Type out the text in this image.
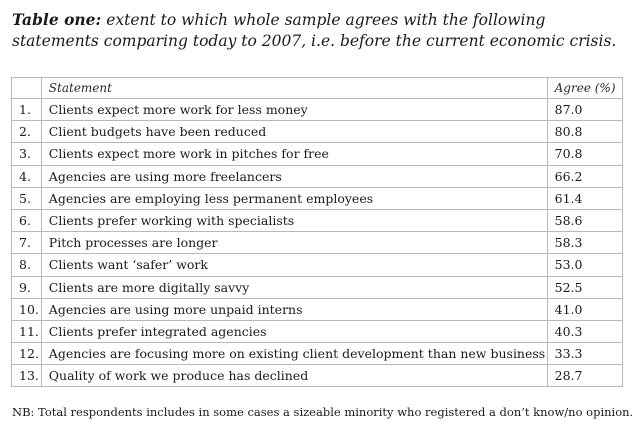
Table one: extent to which whole sample agrees with the following statements comparing today to 2007, i.e. before the current economic crisis.
	Statement	Agree (%)
1.	Clients expect more work for less money	87.0
2.	Client budgets have been reduced	80.8
3.	Clients expect more work in pitches for free	70.8
4.	Agencies are using more freelancers	66.2
5.	Agencies are employing less permanent employees	61.4
6.	Clients prefer working with specialists	58.6
7.	Pitch processes are longer	58.3
8.	Clients want ‘safer’ work	53.0
9.	Clients are more digitally savvy	52.5
10.	Agencies are using more unpaid interns	41.0
11.	Clients prefer integrated agencies	40.3
12.	Agencies are focusing more on existing client development than new business	33.3
13.	Quality of work we produce has declined	28.7
NB: Total respondents includes in some cases a sizeable minority who registered a don’t know/no opinion.
